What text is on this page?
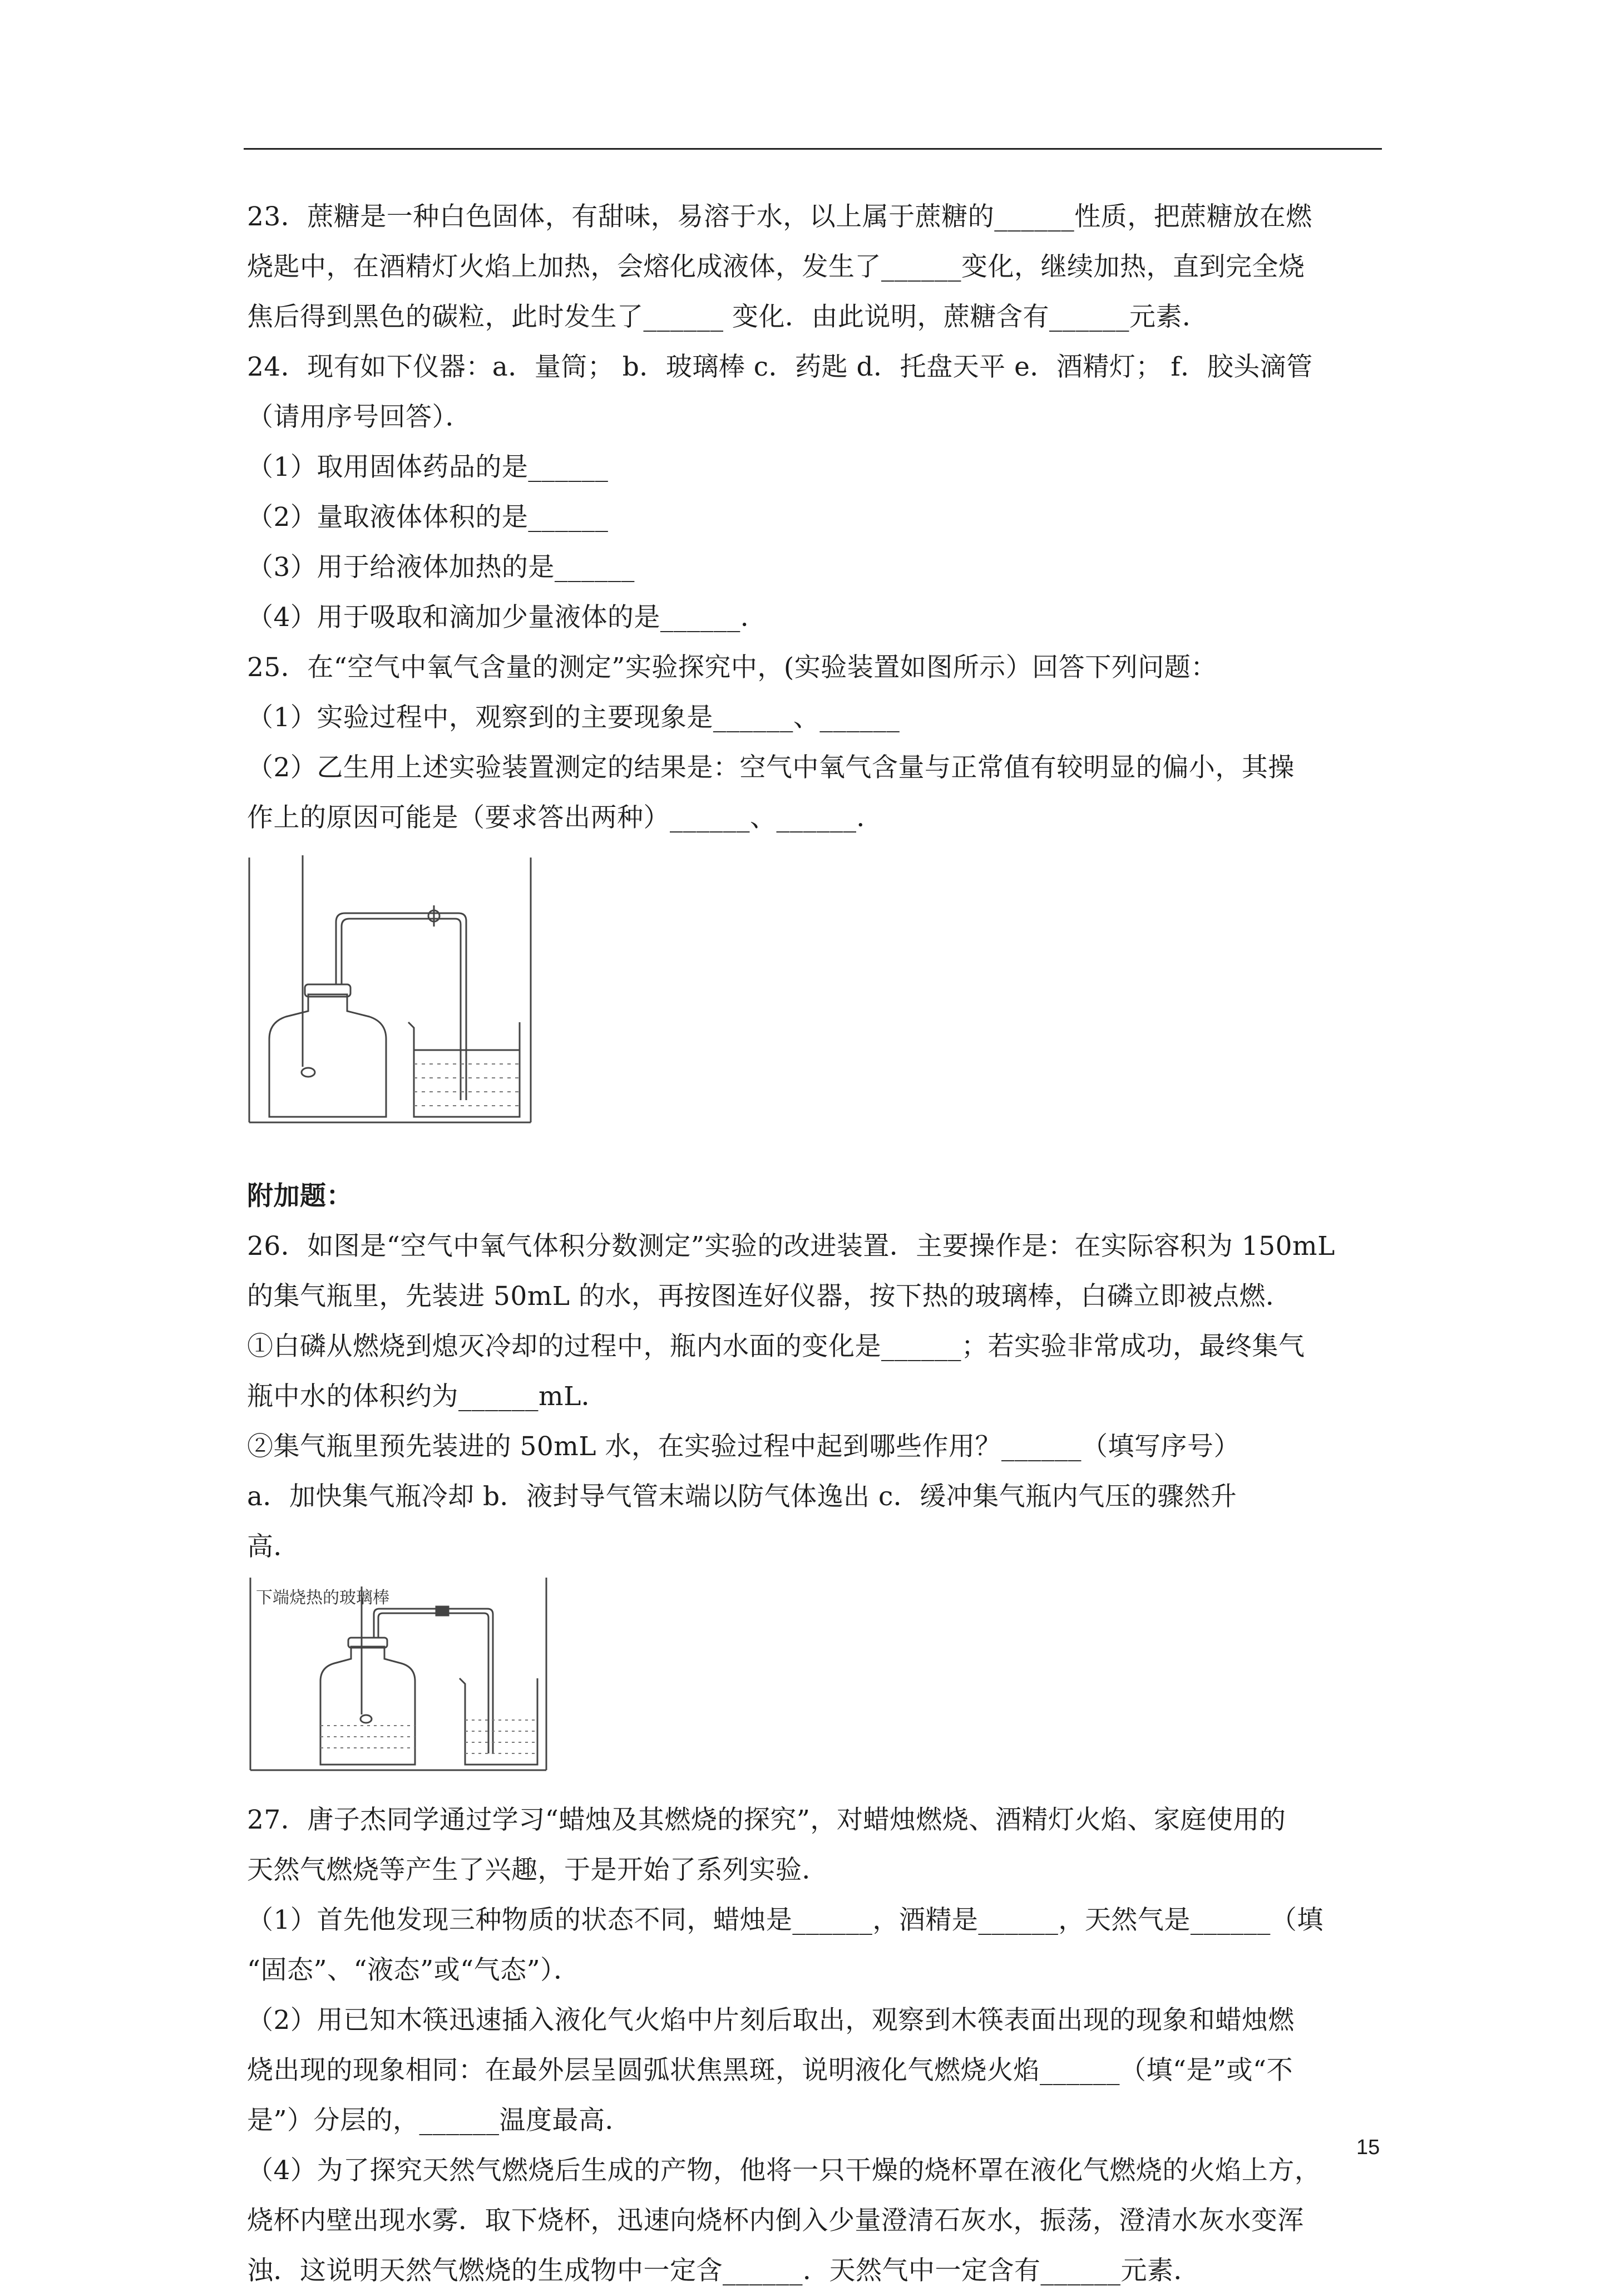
23．蔗糖是一种白色固体，有甜味，易溶于水，以上属于蔗糖的______性质，把蔗糖放在燃

烧匙中，在酒精灯火焰上加热，会熔化成液体，发生了______变化，继续加热，直到完全烧

焦后得到黑色的碳粒，此时发生了______ 变化．由此说明，蔗糖含有______元素．

24．现有如下仪器：a．量筒； b．玻璃棒 c．药匙 d．托盘天平 e．酒精灯； f．胶头滴管

（请用序号回答）．

（1）取用固体药品的是______

（2）量取液体体积的是______

（3）用于给液体加热的是______

（4）用于吸取和滴加少量液体的是______．

25．在“空气中氧气含量的测定”实验探究中，(实验装置如图所示）回答下列问题：

（1）实验过程中，观察到的主要现象是______、______

（2）乙生用上述实验装置测定的结果是：空气中氧气含量与正常值有较明显的偏小，其操

作上的原因可能是（要求答出两种）______、______．

附加题：

26．如图是“空气中氧气体积分数测定”实验的改进装置．主要操作是：在实际容积为 150mL

的集气瓶里，先装进 50mL 的水，再按图连好仪器，按下热的玻璃棒，白磷立即被点燃．

①白磷从燃烧到熄灭冷却的过程中，瓶内水面的变化是______；若实验非常成功，最终集气

瓶中水的体积约为______mL．

②集气瓶里预先装进的 50mL 水，在实验过程中起到哪些作用？______（填写序号）

a．加快集气瓶冷却 b．液封导气管末端以防气体逸出 c．缓冲集气瓶内气压的骤然升

高．

下端烧热的玻璃棒

27．唐子杰同学通过学习“蜡烛及其燃烧的探究”，对蜡烛燃烧、酒精灯火焰、家庭使用的

天然气燃烧等产生了兴趣，于是开始了系列实验．

（1）首先他发现三种物质的状态不同，蜡烛是______，酒精是______，天然气是______（填

“固态”、“液态”或“气态”）．

（2）用已知木筷迅速插入液化气火焰中片刻后取出，观察到木筷表面出现的现象和蜡烛燃

烧出现的现象相同：在最外层呈圆弧状焦黑斑，说明液化气燃烧火焰______（填“是”或“不

是”）分层的，______温度最高．

（4）为了探究天然气燃烧后生成的产物，他将一只干燥的烧杯罩在液化气燃烧的火焰上方，

烧杯内壁出现水雾．取下烧杯，迅速向烧杯内倒入少量澄清石灰水，振荡，澄清水灰水变浑

浊．这说明天然气燃烧的生成物中一定含______．天然气中一定含有______元素．

15
